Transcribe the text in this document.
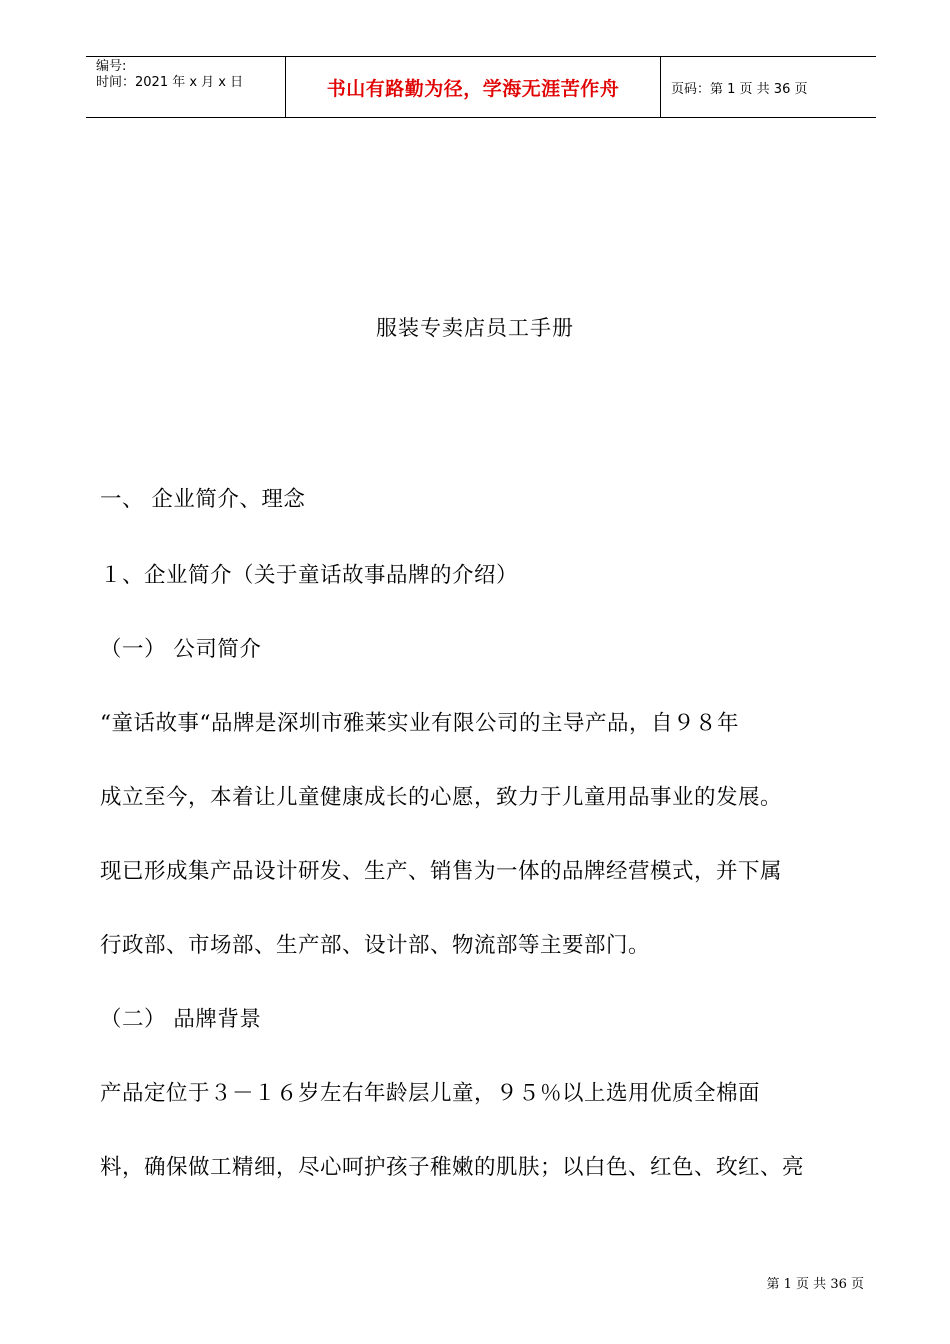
编号:
时间：2021 年 x 月 x 日	书山有路勤为径，学海无涯苦作舟	页码：第 1 页 共 36 页
服装专卖店员工手册
一、 企业简介、理念
１、企业简介（关于童话故事品牌的介绍）
（一） 公司简介
“童话故事“品牌是深圳市雅莱实业有限公司的主导产品，自９８年
成立至今，本着让儿童健康成长的心愿，致力于儿童用品事业的发展。
现已形成集产品设计研发、生产、销售为一体的品牌经营模式，并下属
行政部、市场部、生产部、设计部、物流部等主要部门。
（二） 品牌背景
产品定位于３－１６岁左右年龄层儿童，９５％以上选用优质全棉面
料，确保做工精细，尽心呵护孩子稚嫩的肌肤；以白色、红色、玫红、亮
第 1 页 共 36 页
